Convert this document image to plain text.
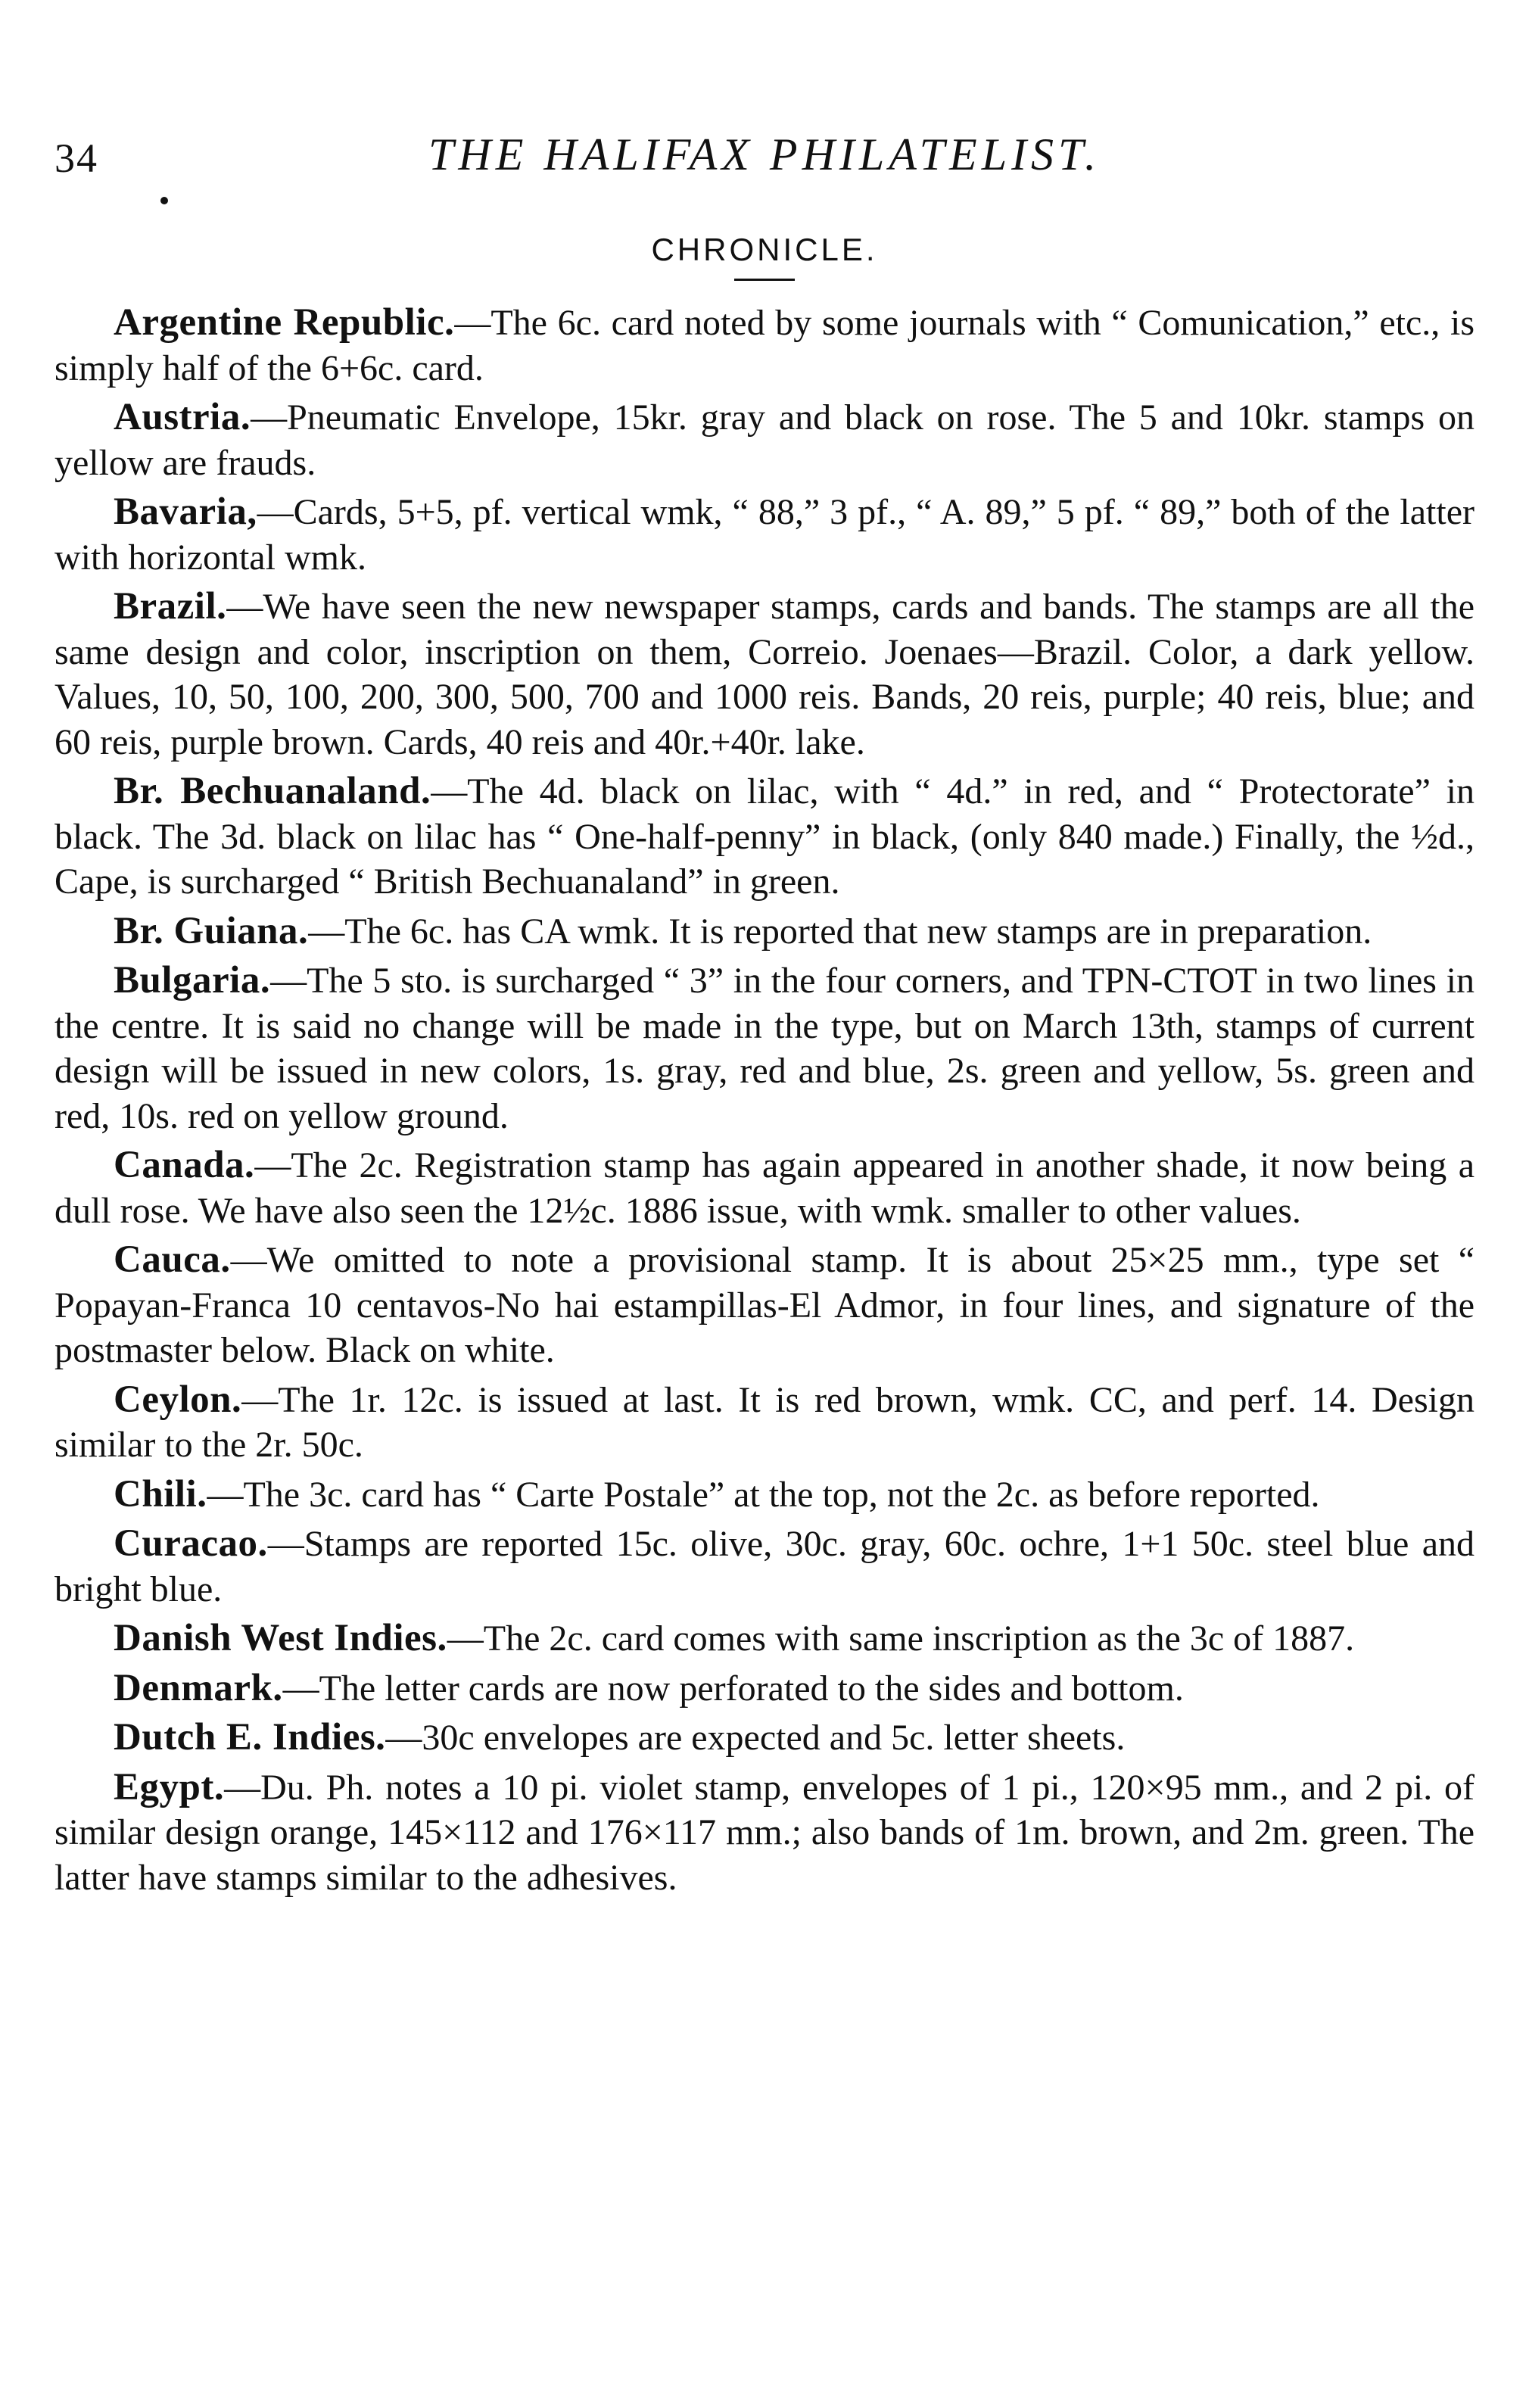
34	THE HALIFAX PHILATELIST.
CHRONICLE.

Argentine Republic.—The 6c. card noted by some journals with “ Comunication,” etc., is simply half of the 6+6c. card.

Austria.—Pneumatic Envelope, 15kr. gray and black on rose. The 5 and 10kr. stamps on yellow are frauds.

Bavaria,—Cards, 5+5, pf. vertical wmk, “ 88,” 3 pf., “ A. 89,” 5 pf. “ 89,” both of the latter with horizontal wmk.

Brazil.—We have seen the new newspaper stamps, cards and bands. The stamps are all the same design and color, inscription on them, Correio. Joenaes—Brazil. Color, a dark yellow. Values, 10, 50, 100, 200, 300, 500, 700 and 1000 reis. Bands, 20 reis, purple; 40 reis, blue; and 60 reis, purple brown. Cards, 40 reis and 40r.+40r. lake.

Br. Bechuanaland.—The 4d. black on lilac, with “ 4d.” in red, and “ Protectorate” in black. The 3d. black on lilac has “ One-half-penny” in black, (only 840 made.) Finally, the ½d., Cape, is surcharged “ British Bechuanaland” in green.

Br. Guiana.—The 6c. has CA wmk. It is reported that new stamps are in preparation.

Bulgaria.—The 5 sto. is surcharged “ 3” in the four corners, and TPN-CTOT in two lines in the centre. It is said no change will be made in the type, but on March 13th, stamps of current design will be issued in new colors, 1s. gray, red and blue, 2s. green and yellow, 5s. green and red, 10s. red on yellow ground.

Canada.—The 2c. Registration stamp has again appeared in another shade, it now being a dull rose. We have also seen the 12½c. 1886 issue, with wmk. smaller to other values.

Cauca.—We omitted to note a provisional stamp. It is about 25×25 mm., type set “ Popayan-Franca 10 centavos-No hai estampillas-El Admor, in four lines, and signature of the postmaster below. Black on white.

Ceylon.—The 1r. 12c. is issued at last. It is red brown, wmk. CC, and perf. 14. Design similar to the 2r. 50c.

Chili.—The 3c. card has “ Carte Postale” at the top, not the 2c. as before reported.

Curacao.—Stamps are reported 15c. olive, 30c. gray, 60c. ochre, 1+1 50c. steel blue and bright blue.

Danish West Indies.—The 2c. card comes with same inscription as the 3c of 1887.

Denmark.—The letter cards are now perforated to the sides and bottom.

Dutch E. Indies.—30c envelopes are expected and 5c. letter sheets.

Egypt.—Du. Ph. notes a 10 pi. violet stamp, envelopes of 1 pi., 120×95 mm., and 2 pi. of similar design orange, 145×112 and 176×117 mm.; also bands of 1m. brown, and 2m. green. The latter have stamps similar to the adhesives.
